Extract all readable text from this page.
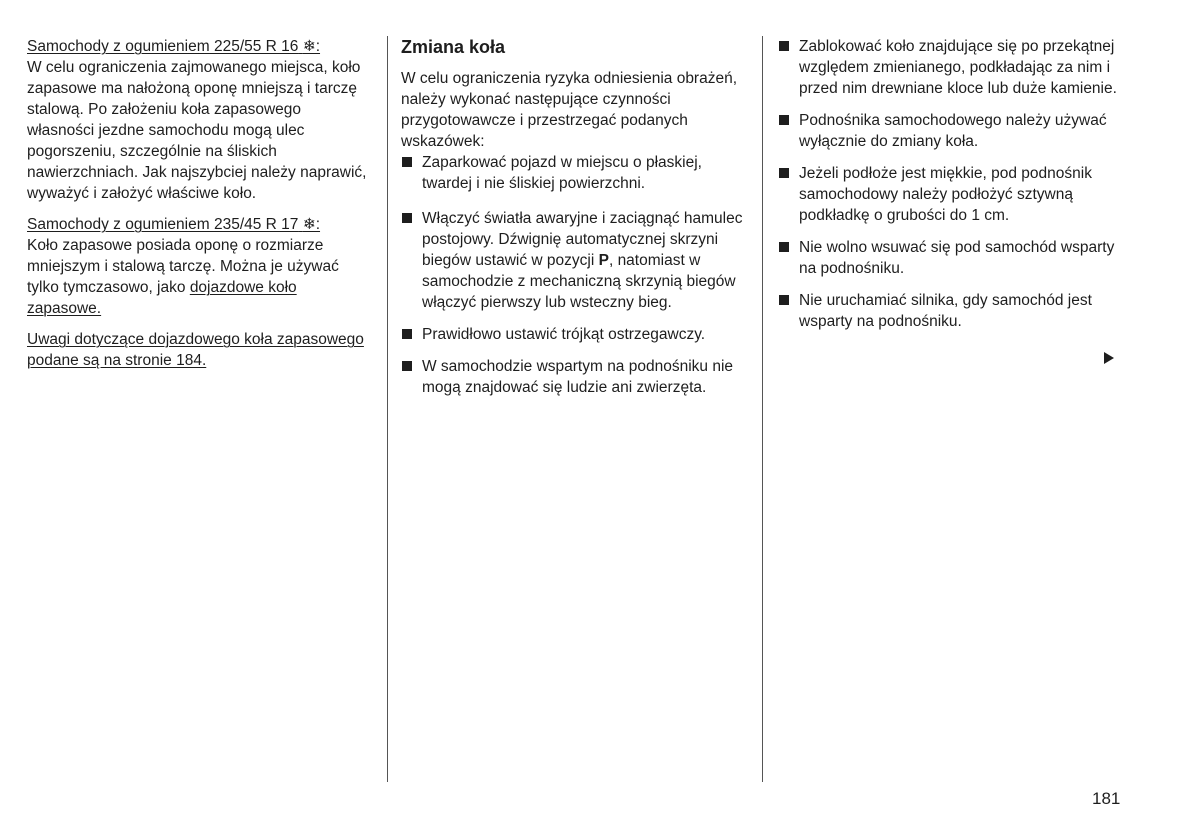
Samochody z ogumieniem 225/55 R 16 ❄:
W celu ograniczenia zajmowanego miejsca, koło zapasowe ma nałożoną oponę mniejszą i tarczę stalową. Po założeniu koła zapasowego własności jezdne samochodu mogą ulec pogorszeniu, szczególnie na śliskich nawierzchniach. Jak najszybciej należy naprawić, wyważyć i założyć właściwe koło.

Samochody z ogumieniem 235/45 R 17 ❄:
Koło zapasowe posiada oponę o rozmiarze mniejszym i stalową tarczę. Można je używać tylko tymczasowo, jako dojazdowe koło zapasowe.

Uwagi dotyczące dojazdowego koła zapasowego podane są na stronie 184.

Zmiana koła

W celu ograniczenia ryzyka odniesienia obrażeń, należy wykonać następujące czynności przygotowawcze i przestrzegać podanych wskazówek:

Zaparkować pojazd w miejscu o płaskiej, twardej i nie śliskiej powierzchni.
Włączyć światła awaryjne i zaciągnąć hamulec postojowy. Dźwignię automatycznej skrzyni biegów ustawić w pozycji P, natomiast w samochodzie z mechaniczną skrzynią biegów włączyć pierwszy lub wsteczny bieg.
Prawidłowo ustawić trójkąt ostrzegawczy.
W samochodzie wspartym na podnośniku nie mogą znajdować się ludzie ani zwierzęta.
Zablokować koło znajdujące się po przekątnej względem zmienianego, podkładając za nim i przed nim drewniane kloce lub duże kamienie.
Podnośnika samochodowego należy używać wyłącznie do zmiany koła.
Jeżeli podłoże jest miękkie, pod podnośnik samochodowy należy podłożyć sztywną podkładkę o grubości do 1 cm.
Nie wolno wsuwać się pod samochód wsparty na podnośniku.
Nie uruchamiać silnika, gdy samochód jest wsparty na podnośniku.
181
